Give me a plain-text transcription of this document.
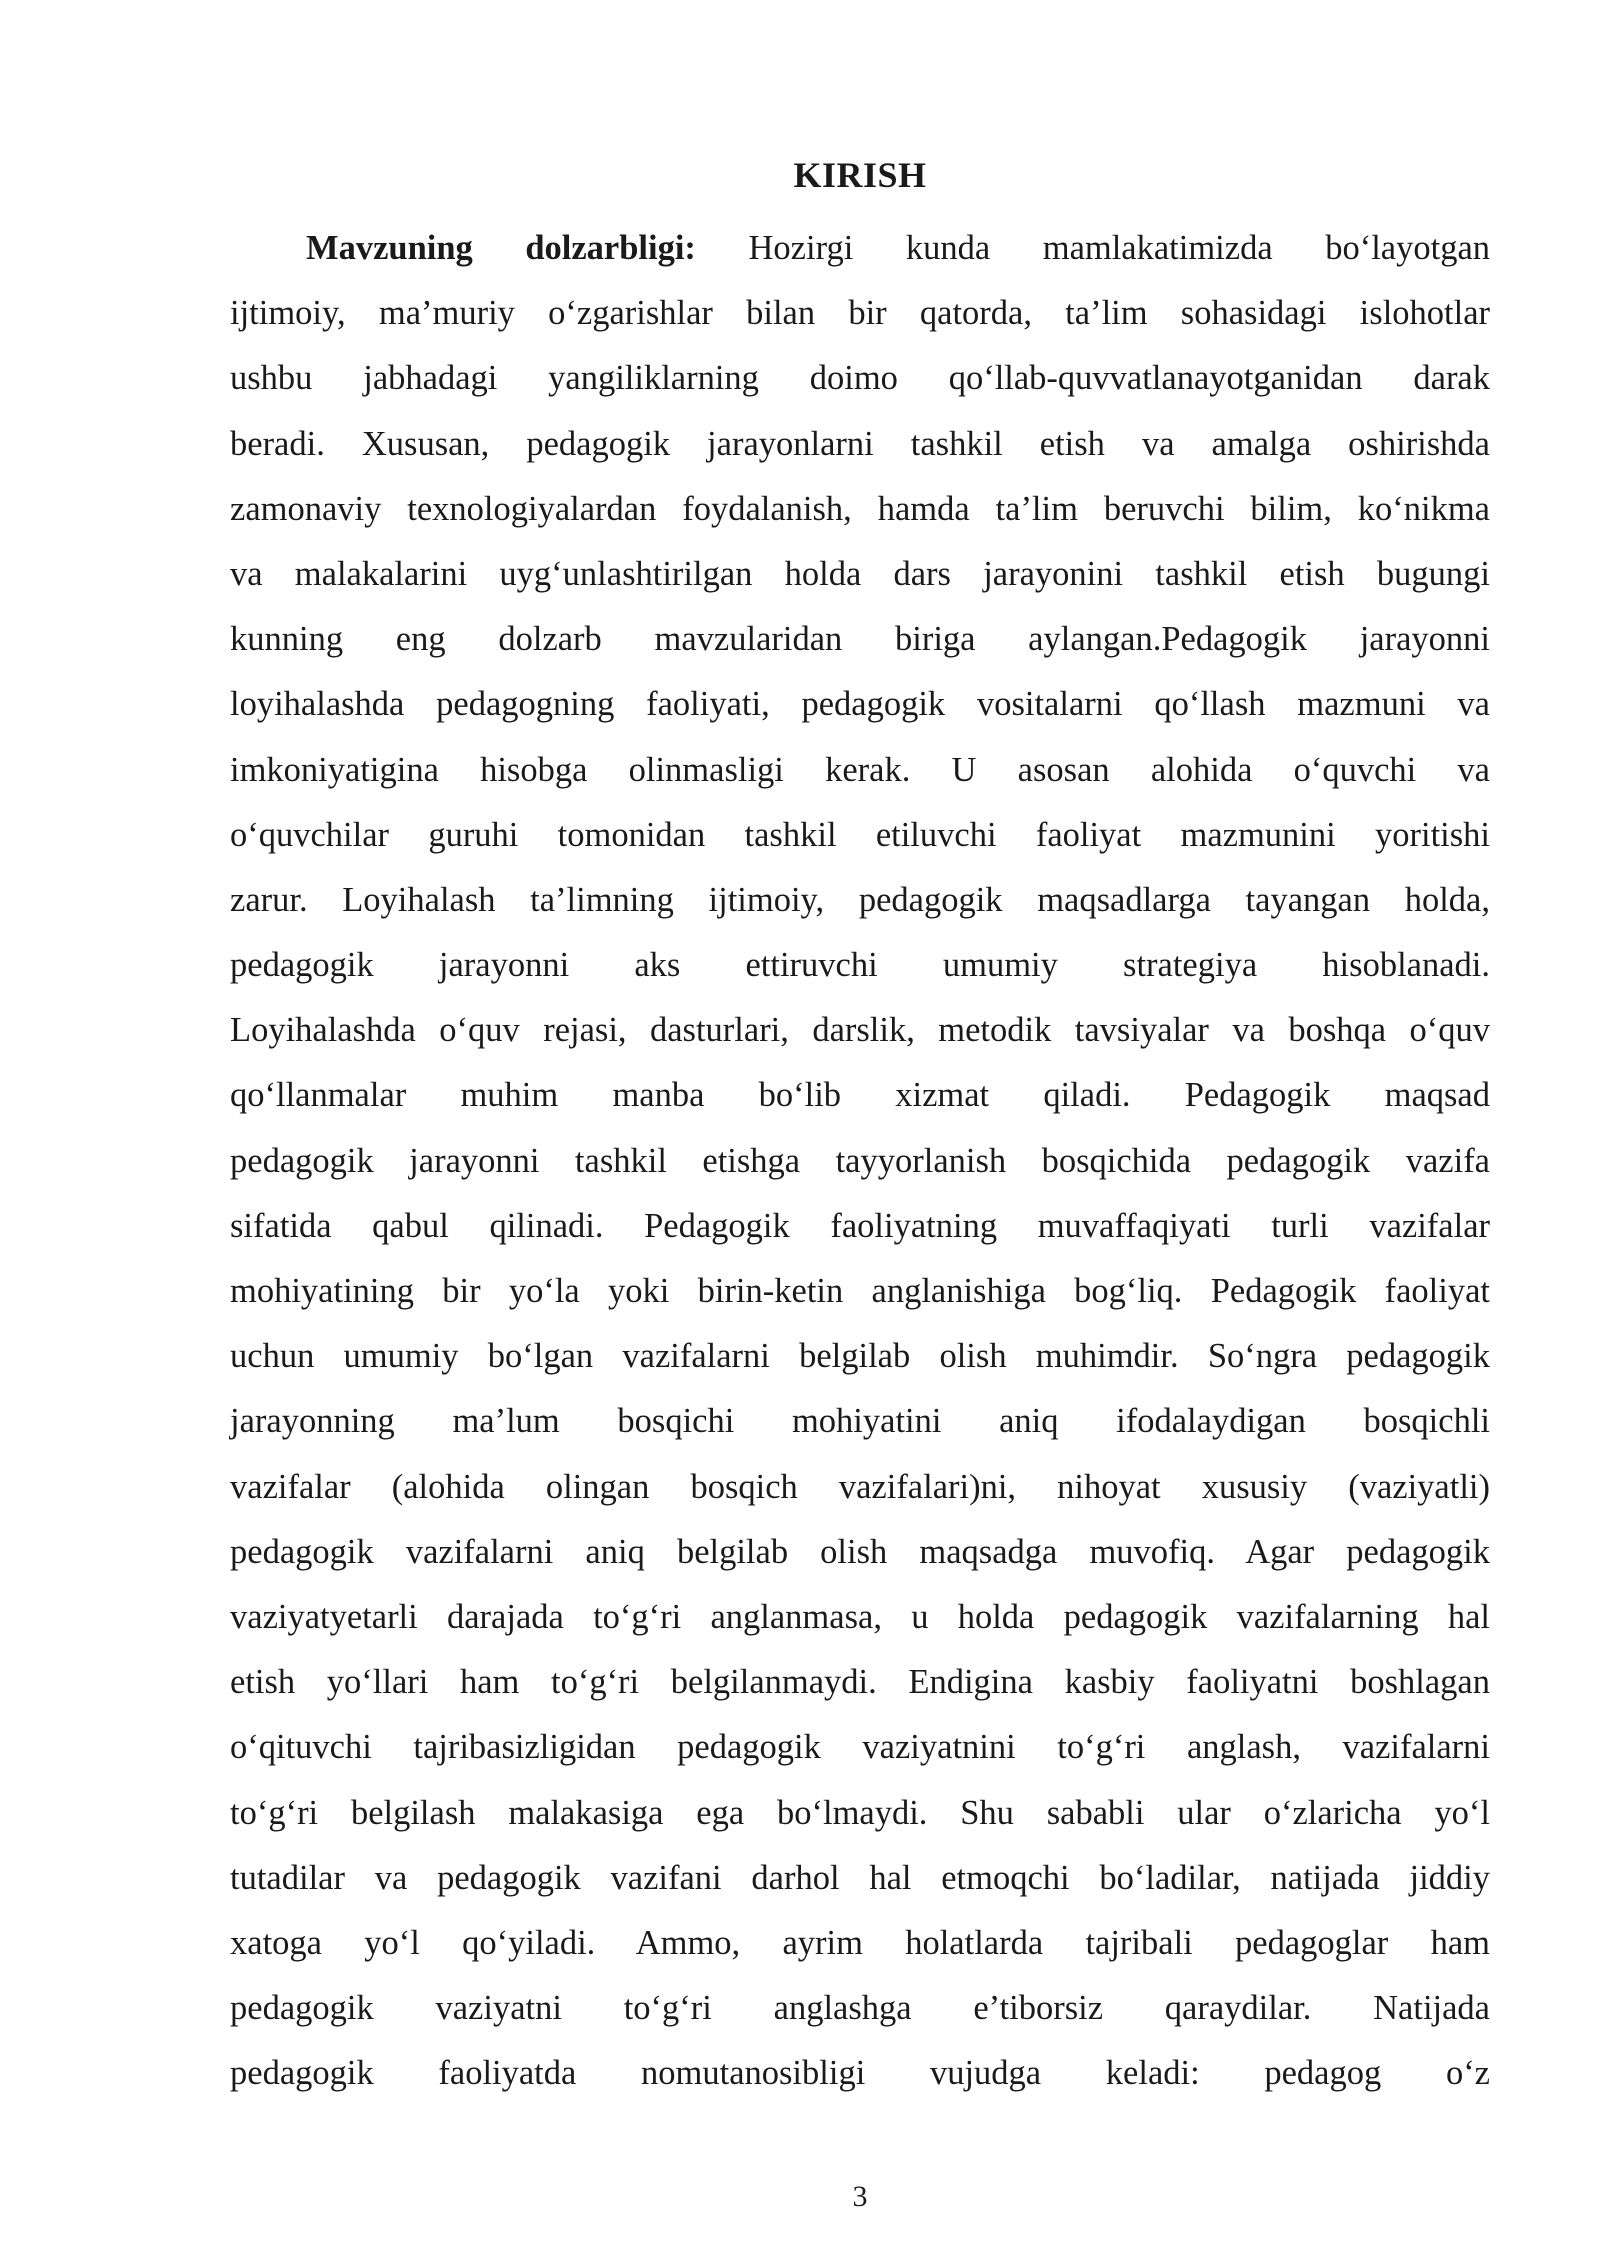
KIRISH
Mavzuning dolzarbligi: Hozirgi kunda mamlakatimizda bo‘layotgan
ijtimoiy, ma’muriy o‘zgarishlar bilan bir qatorda, ta’lim sohasidagi islohotlar
ushbu jabhadagi yangiliklarning doimo qo‘llab-quvvatlanayotganidan darak
beradi. Xususan, pedagogik jarayonlarni tashkil etish va amalga oshirishda
zamonaviy texnologiyalardan foydalanish, hamda ta’lim beruvchi bilim, ko‘nikma
va malakalarini uyg‘unlashtirilgan holda dars jarayonini tashkil etish bugungi
kunning eng dolzarb mavzularidan biriga aylangan.Pedagogik jarayonni
loyihalashda pedagogning faoliyati, pedagogik vositalarni qo‘llash mazmuni va
imkoniyatigina hisobga olinmasligi kerak. U asosan alohida o‘quvchi va
o‘quvchilar guruhi tomonidan tashkil etiluvchi faoliyat mazmunini yoritishi
zarur. Loyihalash ta’limning ijtimoiy, pedagogik maqsadlarga tayangan holda,
pedagogik jarayonni aks ettiruvchi umumiy strategiya hisoblanadi.
Loyihalashda o‘quv rejasi, dasturlari, darslik, metodik tavsiyalar va boshqa o‘quv
qo‘llanmalar muhim manba bo‘lib xizmat qiladi. Pedagogik maqsad
pedagogik jarayonni tashkil etishga tayyorlanish bosqichida pedagogik vazifa
sifatida qabul qilinadi. Pedagogik faoliyatning muvaffaqiyati turli vazifalar
mohiyatining bir yo‘la yoki birin-ketin anglanishiga bog‘liq. Pedagogik faoliyat
uchun umumiy bo‘lgan vazifalarni belgilab olish muhimdir. So‘ngra pedagogik
jarayonning ma’lum bosqichi mohiyatini aniq ifodalaydigan bosqichli
vazifalar (alohida olingan bosqich vazifalari)ni, nihoyat xususiy (vaziyatli)
pedagogik vazifalarni aniq belgilab olish maqsadga muvofiq. Agar pedagogik
vaziyatyetarli darajada to‘g‘ri anglanmasa, u holda pedagogik vazifalarning hal
etish yo‘llari ham to‘g‘ri belgilanmaydi. Endigina kasbiy faoliyatni boshlagan
o‘qituvchi tajribasizligidan pedagogik vaziyatnini to‘g‘ri anglash, vazifalarni
to‘g‘ri belgilash malakasiga ega bo‘lmaydi. Shu sababli ular o‘zlaricha yo‘l
tutadilar va pedagogik vazifani darhol hal etmoqchi bo‘ladilar, natijada jiddiy
xatoga yo‘l qo‘yiladi. Ammo, ayrim holatlarda tajribali pedagoglar ham
pedagogik vaziyatni to‘g‘ri anglashga e’tiborsiz qaraydilar. Natijada
pedagogik faoliyatda nomutanosibligi vujudga keladi: pedagog o‘z
3
